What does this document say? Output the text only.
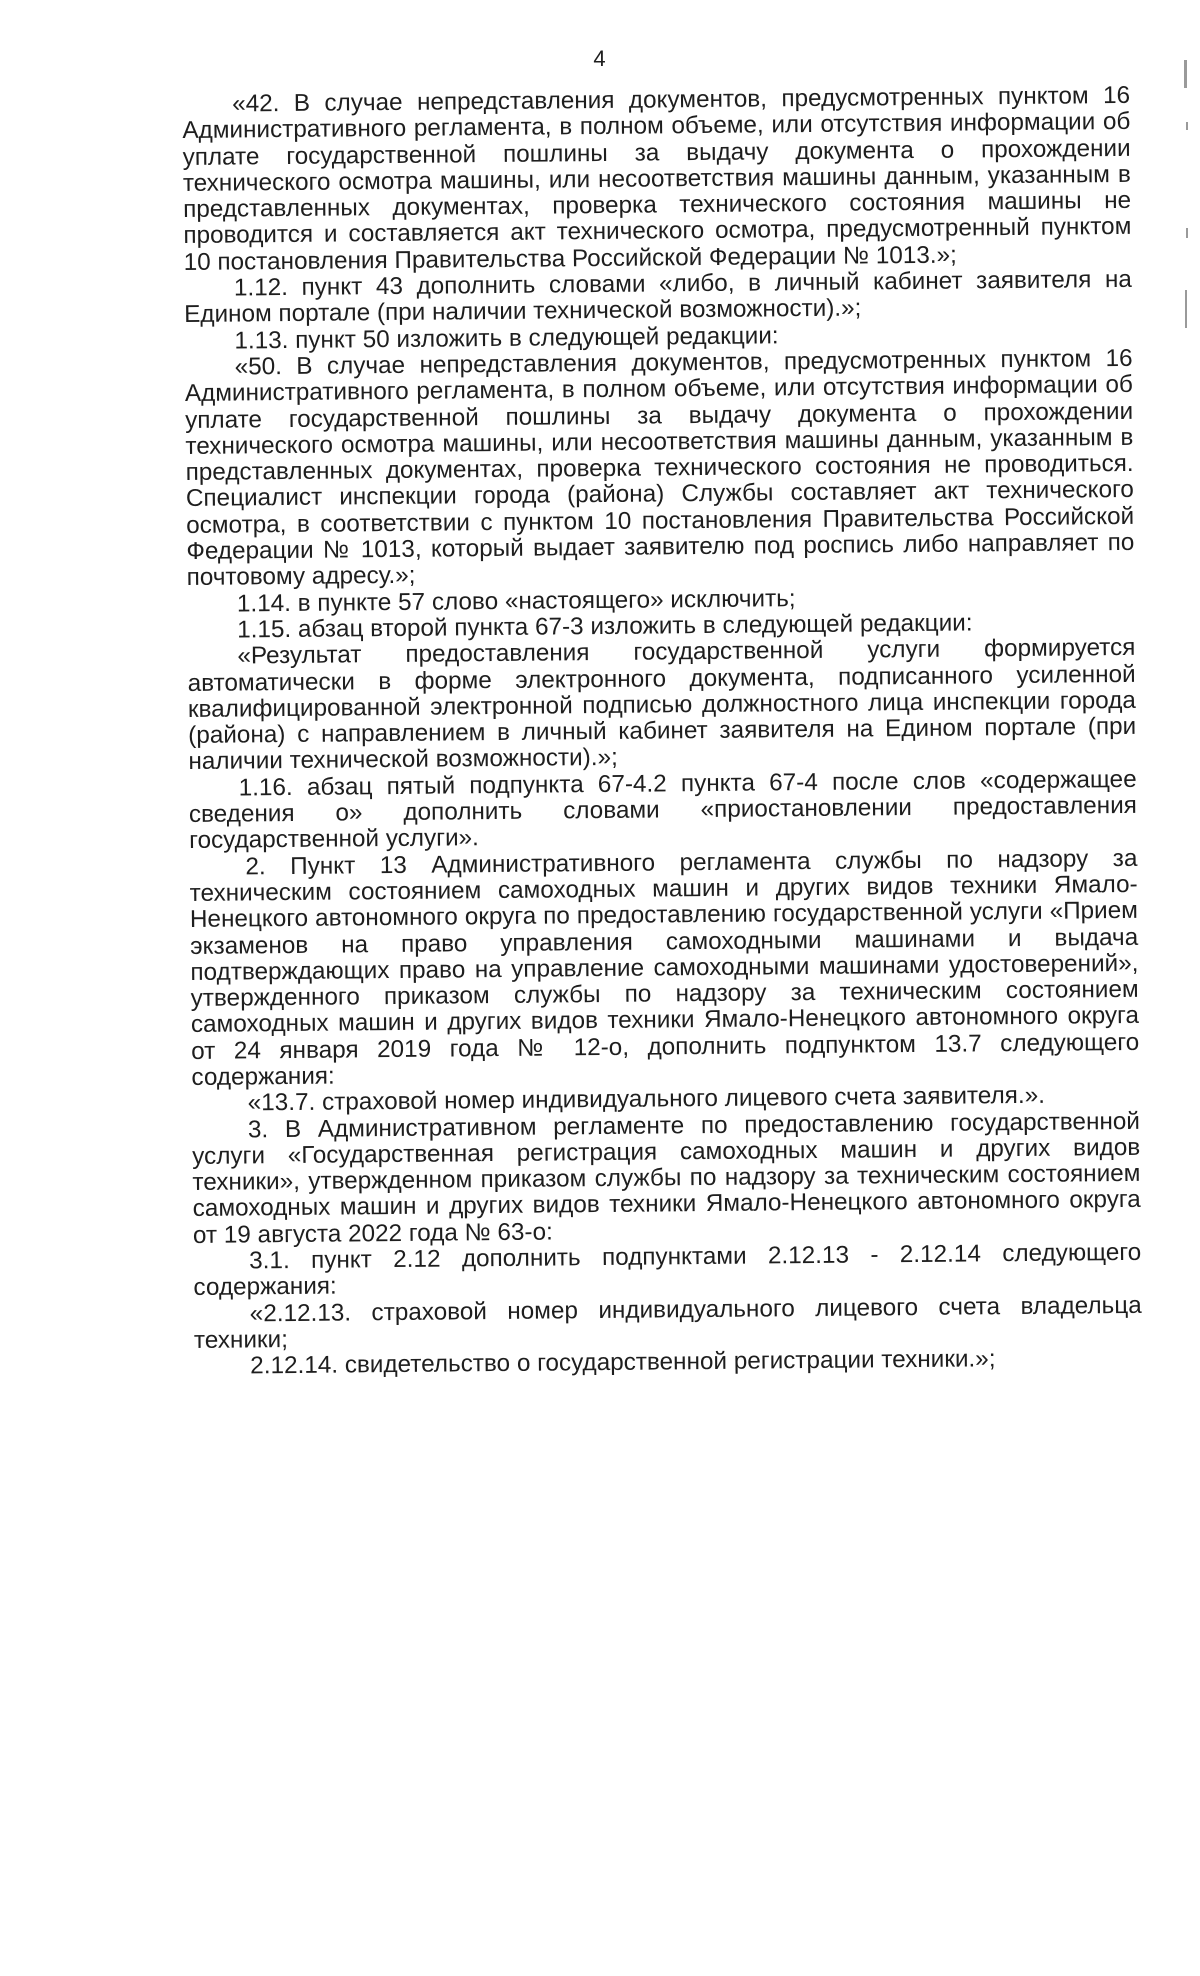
4

«42. В случае непредставления документов, предусмотренных пунктом 16 Административного регламента, в полном объеме, или отсутствия информации об уплате государственной пошлины за выдачу документа о прохождении технического осмотра машины, или несоответствия машины данным, указанным в представленных документах, проверка технического состояния машины не проводится и составляется акт технического осмотра, предусмотренный пунктом 10 постановления Правительства Российской Федерации № 1013.»;

1.12. пункт 43 дополнить словами «либо, в личный кабинет заявителя на Едином портале (при наличии технической возможности).»;

1.13. пункт 50 изложить в следующей редакции:

«50. В случае непредставления документов, предусмотренных пунктом 16 Административного регламента, в полном объеме, или отсутствия информации об уплате государственной пошлины за выдачу документа о прохождении технического осмотра машины, или несоответствия машины данным, указанным в представленных документах, проверка технического состояния не проводиться. Специалист инспекции города (района) Службы составляет акт технического осмотра, в соответствии с пунктом 10 постановления Правительства Российской Федерации № 1013, который выдает заявителю под роспись либо направляет по почтовому адресу.»;

1.14. в пункте 57 слово «настоящего» исключить;

1.15. абзац второй пункта 67-3 изложить в следующей редакции:

«Результат предоставления государственной услуги формируется автоматически в форме электронного документа, подписанного усиленной квалифицированной электронной подписью должностного лица инспекции города (района) с направлением в личный кабинет заявителя на Едином портале (при наличии технической возможности).»;

1.16. абзац пятый подпункта 67-4.2 пункта 67-4 после слов «содержащее сведения о» дополнить словами «приостановлении предоставления государственной услуги».

2. Пункт 13 Административного регламента службы по надзору за техническим состоянием самоходных машин и других видов техники Ямало-Ненецкого автономного округа по предоставлению государственной услуги «Прием экзаменов на право управления самоходными машинами и выдача подтверждающих право на управление самоходными машинами удостоверений», утвержденного приказом службы по надзору за техническим состоянием самоходных машин и других видов техники Ямало-Ненецкого автономного округа от 24 января 2019 года № 12-о, дополнить подпунктом 13.7 следующего содержания:

«13.7. страховой номер индивидуального лицевого счета заявителя.».

3. В Административном регламенте по предоставлению государственной услуги «Государственная регистрация самоходных машин и других видов техники», утвержденном приказом службы по надзору за техническим состоянием самоходных машин и других видов техники Ямало-Ненецкого автономного округа от 19 августа 2022 года № 63-о:

3.1. пункт 2.12 дополнить подпунктами 2.12.13 - 2.12.14 следующего содержания:

«2.12.13. страховой номер индивидуального лицевого счета владельца техники;

2.12.14. свидетельство о государственной регистрации техники.»;
